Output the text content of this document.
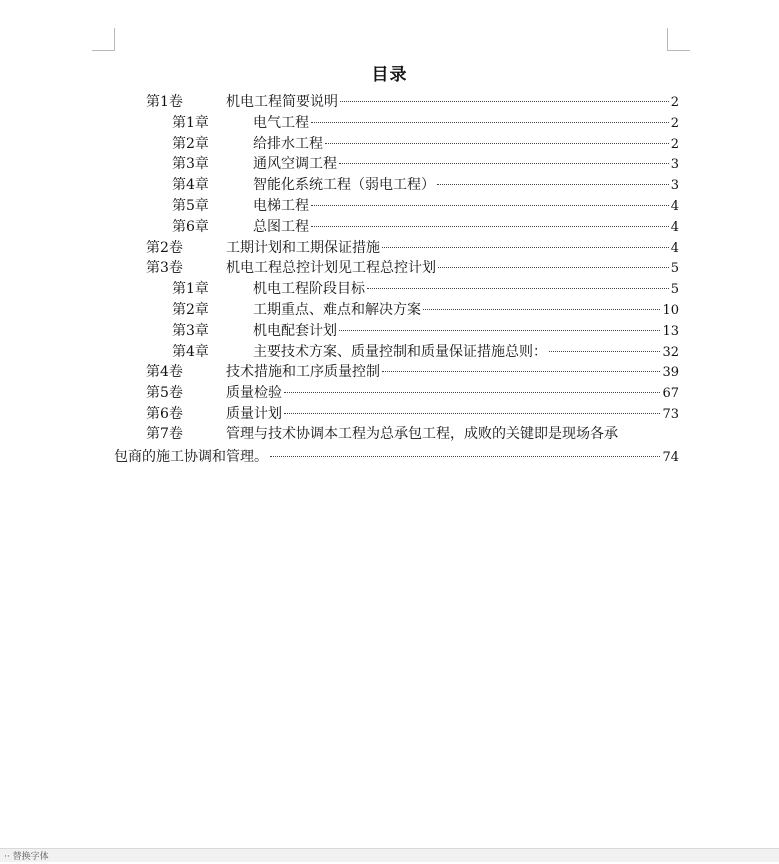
目录
第1卷	机电工程简要说明	2
第1章	电气工程	2
第2章	给排水工程	2
第3章	通风空调工程	3
第4章	智能化系统工程（弱电工程）	3
第5章	电梯工程	4
第6章	总图工程	4
第2卷	工期计划和工期保证措施	4
第3卷	机电工程总控计划见工程总控计划	5
第1章	机电工程阶段目标	5
第2章	工期重点、难点和解决方案	10
第3章	机电配套计划	13
第4章	主要技术方案、质量控制和质量保证措施总则：	32
第4卷	技术措施和工序质量控制	39
第5卷	质量检验	67
第6卷	质量计划	73
第7卷	管理与技术协调本工程为总承包工程，成败的关键即是现场各承
包商的施工协调和管理。	74
·· 替换字体
